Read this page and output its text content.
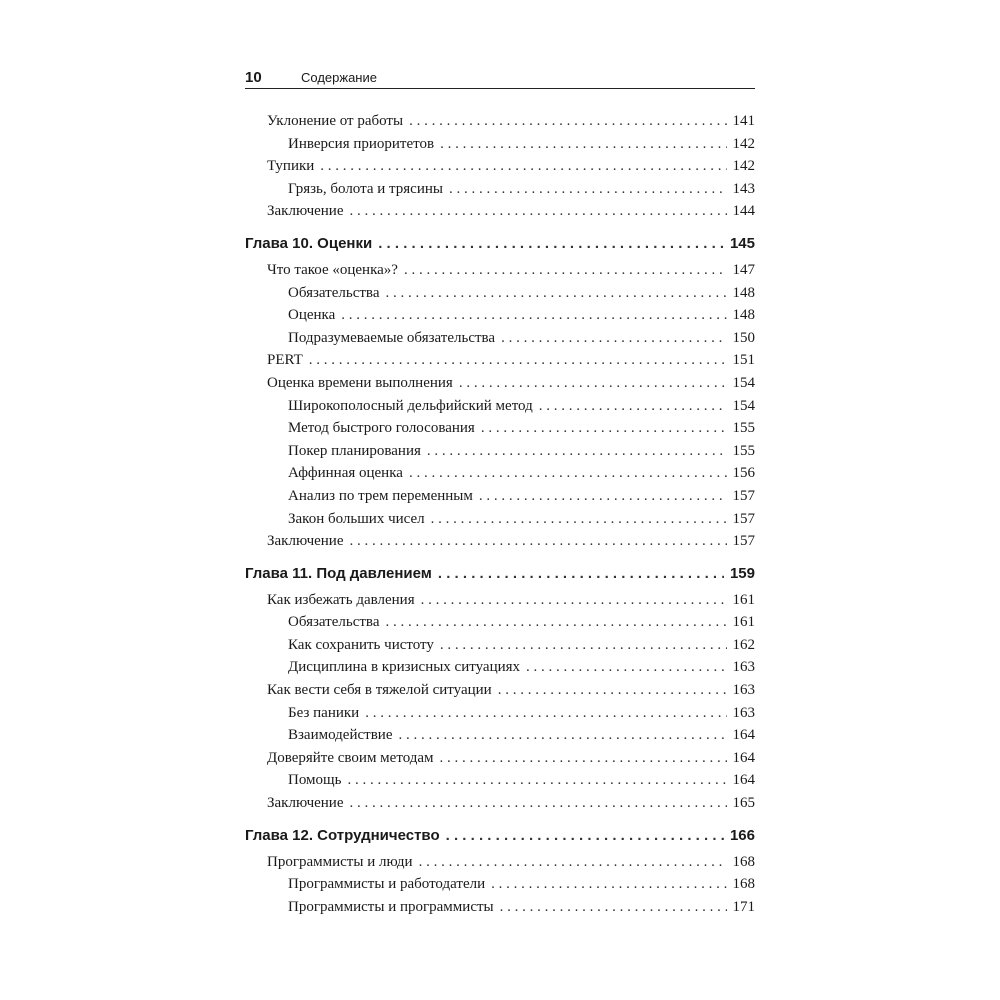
10	Содержание
Уклонение от работы . . .	141
Инверсия приоритетов . . .	142
Тупики . . .	142
Грязь, болота и трясины . . .	143
Заключение . . .	144
Глава 10. Оценки . . .	145
Что такое «оценка»? . . .	147
Обязательства . . .	148
Оценка . . .	148
Подразумеваемые обязательства . . .	150
PERT . . .	151
Оценка времени выполнения . . .	154
Широкополосный дельфийский метод . . .	154
Метод быстрого голосования . . .	155
Покер планирования . . .	155
Аффинная оценка . . .	156
Анализ по трем переменным . . .	157
Закон больших чисел . . .	157
Заключение . . .	157
Глава 11. Под давлением . . .	159
Как избежать давления . . .	161
Обязательства . . .	161
Как сохранить чистоту . . .	162
Дисциплина в кризисных ситуациях . . .	163
Как вести себя в тяжелой ситуации . . .	163
Без паники . . .	163
Взаимодействие . . .	164
Доверяйте своим методам . . .	164
Помощь . . .	164
Заключение . . .	165
Глава 12. Сотрудничество . . .	166
Программисты и люди . . .	168
Программисты и работодатели . . .	168
Программисты и программисты . . .	171
